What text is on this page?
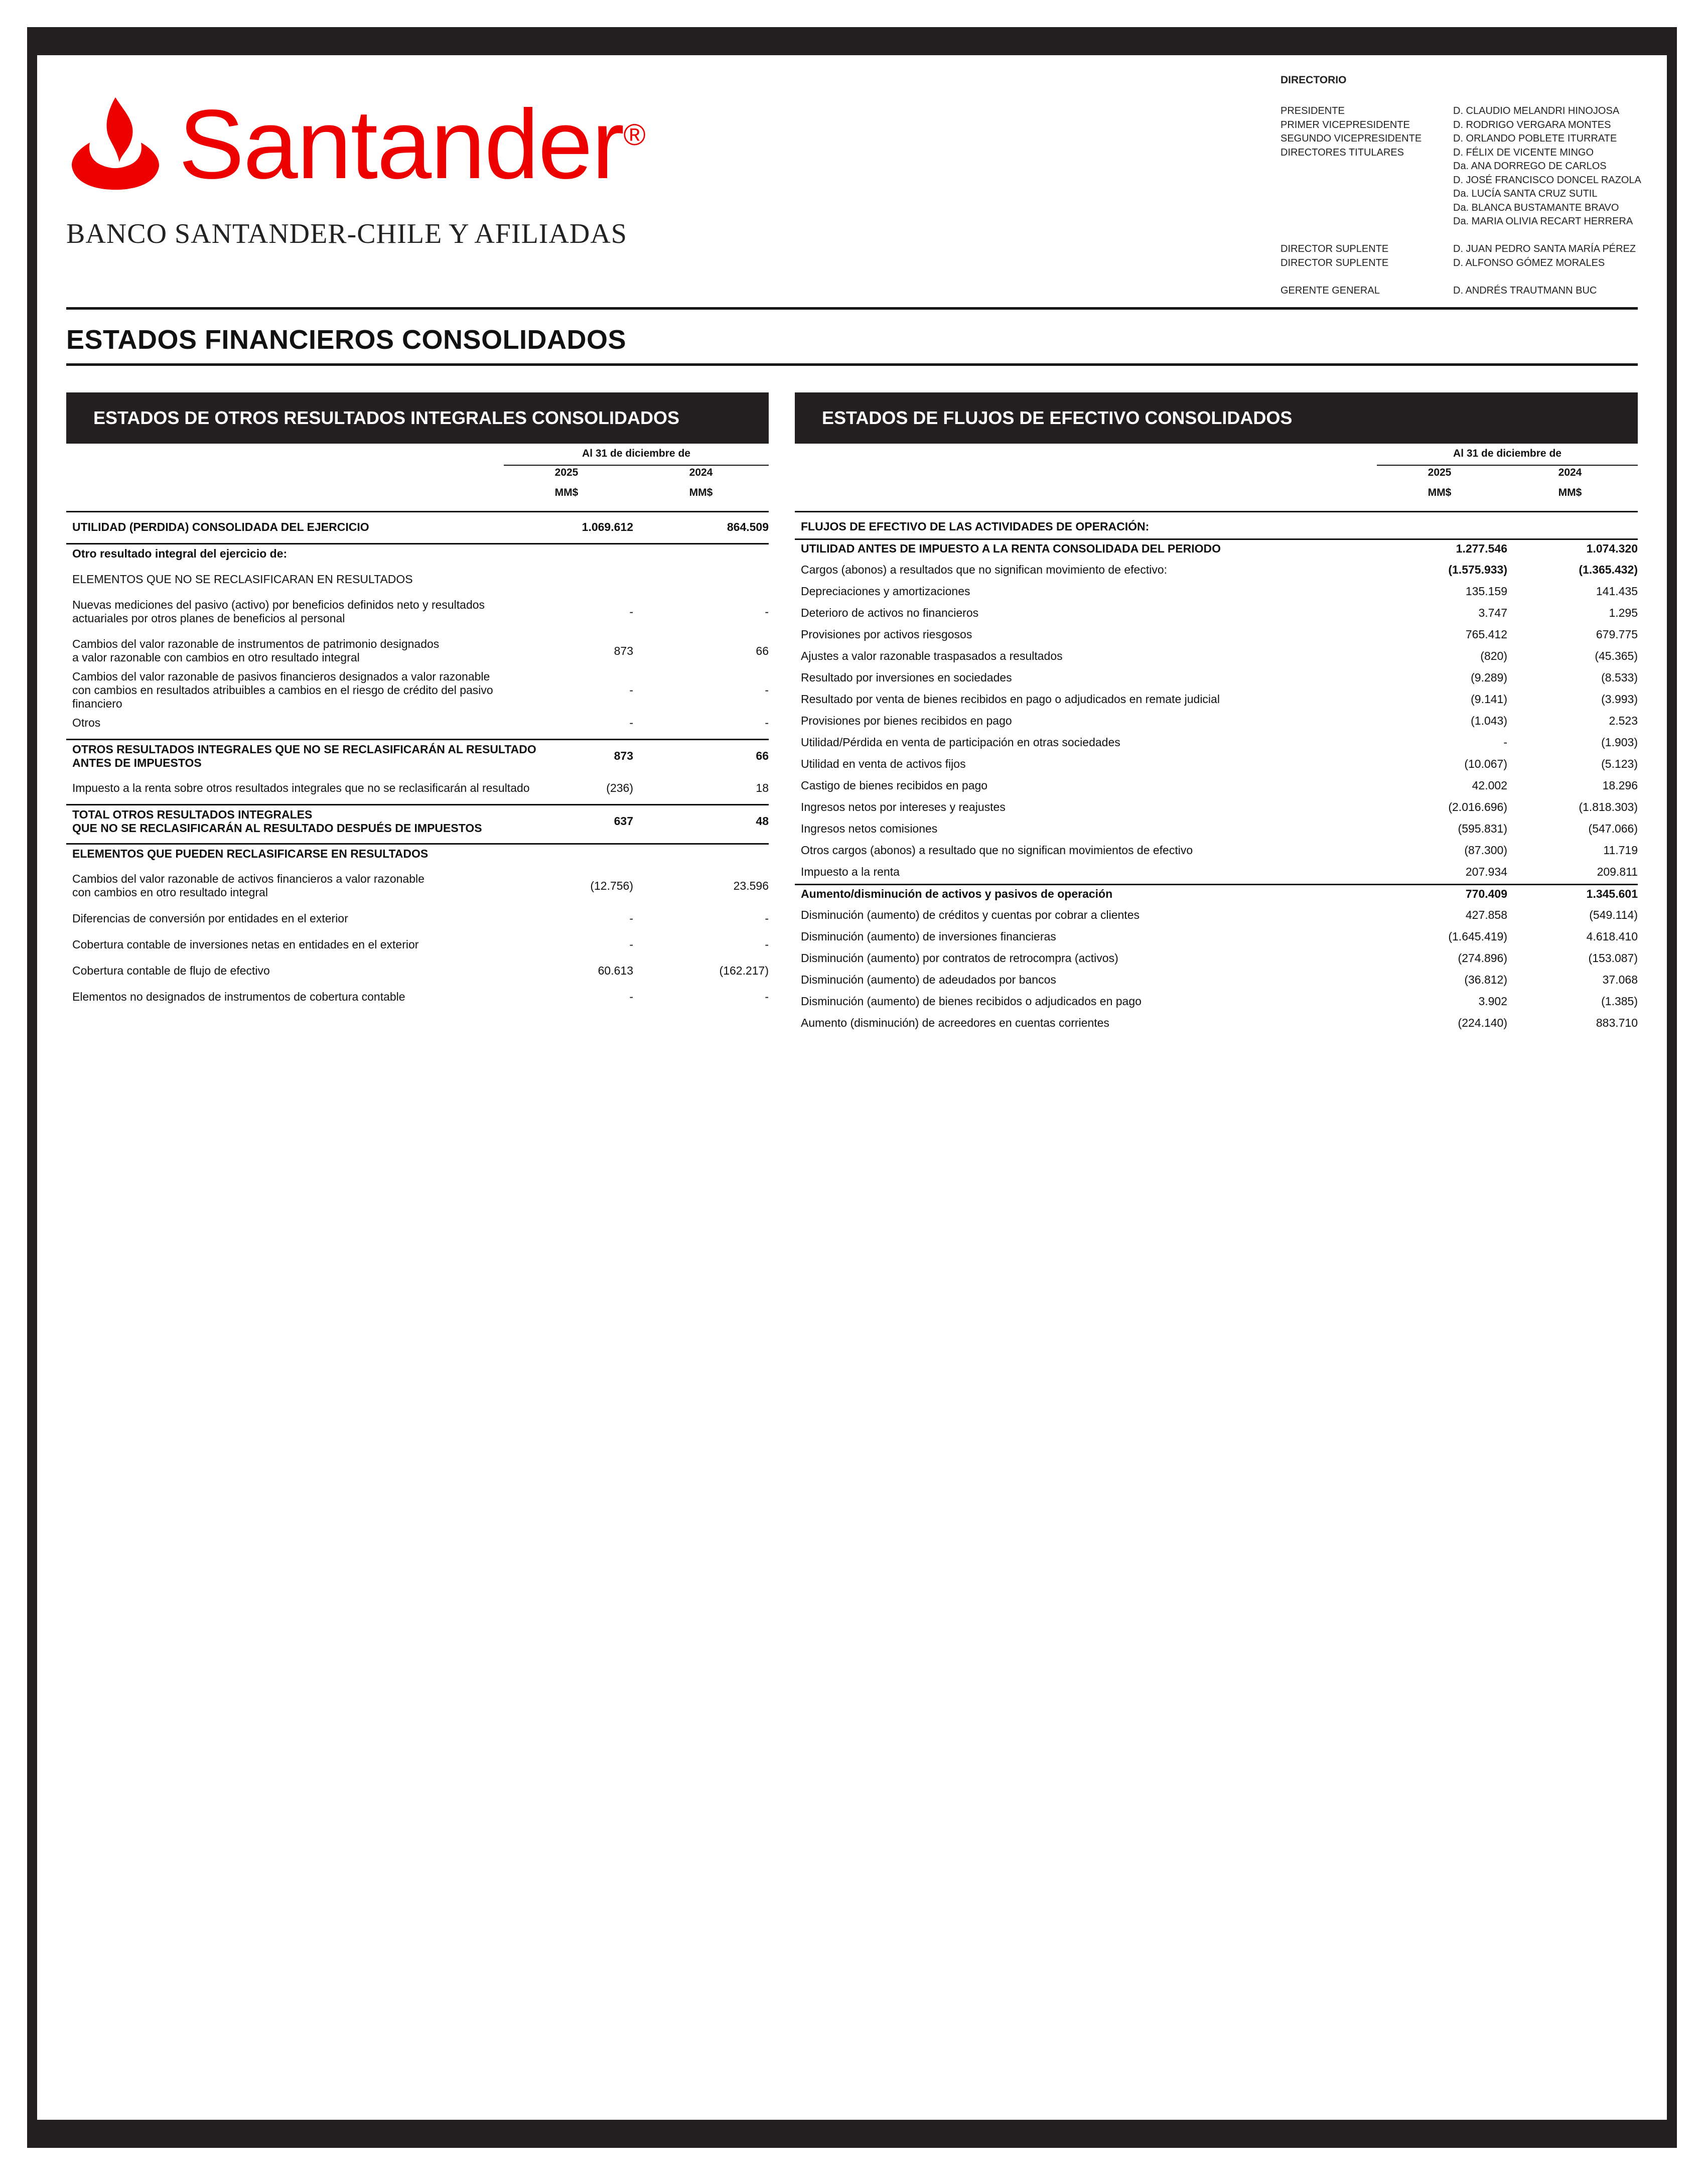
Santander ®
BANCO SANTANDER-CHILE Y AFILIADAS
DIRECTORIO
PRESIDENTE	D. CLAUDIO MELANDRI HINOJOSA
PRIMER VICEPRESIDENTE	D. RODRIGO VERGARA MONTES
SEGUNDO VICEPRESIDENTE	D. ORLANDO POBLETE ITURRATE
DIRECTORES TITULARES	D. FÉLIX DE VICENTE MINGO
Da. ANA DORREGO DE CARLOS
D. JOSÉ FRANCISCO DONCEL RAZOLA
Da. LUCÍA SANTA CRUZ SUTIL
Da. BLANCA BUSTAMANTE BRAVO
Da. MARIA OLIVIA RECART HERRERA
DIRECTOR SUPLENTE	D. JUAN PEDRO SANTA MARÍA PÉREZ
DIRECTOR SUPLENTE	D. ALFONSO GÓMEZ MORALES
GERENTE GENERAL	D. ANDRÉS TRAUTMANN BUC
ESTADOS FINANCIEROS CONSOLIDADOS
ESTADOS DE OTROS RESULTADOS INTEGRALES CONSOLIDADOS	ESTADOS DE FLUJOS DE EFECTIVO CONSOLIDADOS
Al 31 de diciembre de
2025	2024
MM$	MM$
UTILIDAD (PERDIDA) CONSOLIDADA DEL EJERCICIO	1.069.612	864.509
Otro resultado integral del ejercicio de:
ELEMENTOS QUE NO SE RECLASIFICARAN EN RESULTADOS
Nuevas mediciones del pasivo (activo) por beneficios definidos neto y resultados
actuariales por otros planes de beneficios al personal
-	-
Cambios del valor razonable de instrumentos de patrimonio designados
a valor razonable con cambios en otro resultado integral
873	66
Cambios del valor razonable de pasivos financieros designados a valor razonable
con cambios en resultados atribuibles a cambios en el riesgo de crédito del pasivo financiero
-	-
Otros	-	-
OTROS RESULTADOS INTEGRALES QUE NO SE RECLASIFICARÁN AL RESULTADO
ANTES DE IMPUESTOS
873	66
Impuesto a la renta sobre otros resultados integrales que no se reclasificarán al resultado	(236)	18
TOTAL OTROS RESULTADOS INTEGRALES
QUE NO SE RECLASIFICARÁN AL RESULTADO DESPUÉS DE IMPUESTOS
637	48
ELEMENTOS QUE PUEDEN RECLASIFICARSE EN RESULTADOS
Cambios del valor razonable de activos financieros a valor razonable
con cambios en otro resultado integral
(12.756)	23.596
Diferencias de conversión por entidades en el exterior	-	-
Cobertura contable de inversiones netas en entidades en el exterior	-	-
Cobertura contable de flujo de efectivo	60.613	(162.217)
Elementos no designados de instrumentos de cobertura contable	-	-
Al 31 de diciembre de
2025	2024
MM$	MM$
FLUJOS DE EFECTIVO DE LAS ACTIVIDADES DE OPERACIÓN:
UTILIDAD ANTES DE IMPUESTO A LA RENTA CONSOLIDADA DEL PERIODO	1.277.546	1.074.320
Cargos (abonos) a resultados que no significan movimiento de efectivo:	(1.575.933)	(1.365.432)
Depreciaciones y amortizaciones	135.159	141.435
Deterioro de activos no financieros	3.747	1.295
Provisiones por activos riesgosos	765.412	679.775
Ajustes a valor razonable traspasados a resultados	(820)	(45.365)
Resultado por inversiones en sociedades	(9.289)	(8.533)
Resultado por venta de bienes recibidos en pago o adjudicados en remate judicial	(9.141)	(3.993)
Provisiones por bienes recibidos en pago	(1.043)	2.523
Utilidad/Pérdida en venta de participación en otras sociedades	-	(1.903)
Utilidad en venta de activos fijos	(10.067)	(5.123)
Castigo de bienes recibidos en pago	42.002	18.296
Ingresos netos por intereses y reajustes	(2.016.696)	(1.818.303)
Ingresos netos comisiones	(595.831)	(547.066)
Otros cargos (abonos) a resultado que no significan movimientos de efectivo	(87.300)	11.719
Impuesto a la renta	207.934	209.811
Aumento/disminución de activos y pasivos de operación	770.409	1.345.601
Disminución (aumento) de créditos y cuentas por cobrar a clientes	427.858	(549.114)
Disminución (aumento) de inversiones financieras	(1.645.419)	4.618.410
Disminución (aumento) por contratos de retrocompra (activos)	(274.896)	(153.087)
Disminución (aumento) de adeudados por bancos	(36.812)	37.068
Disminución (aumento) de bienes recibidos o adjudicados en pago	3.902	(1.385)
Aumento (disminución) de acreedores en cuentas corrientes	(224.140)	883.710
